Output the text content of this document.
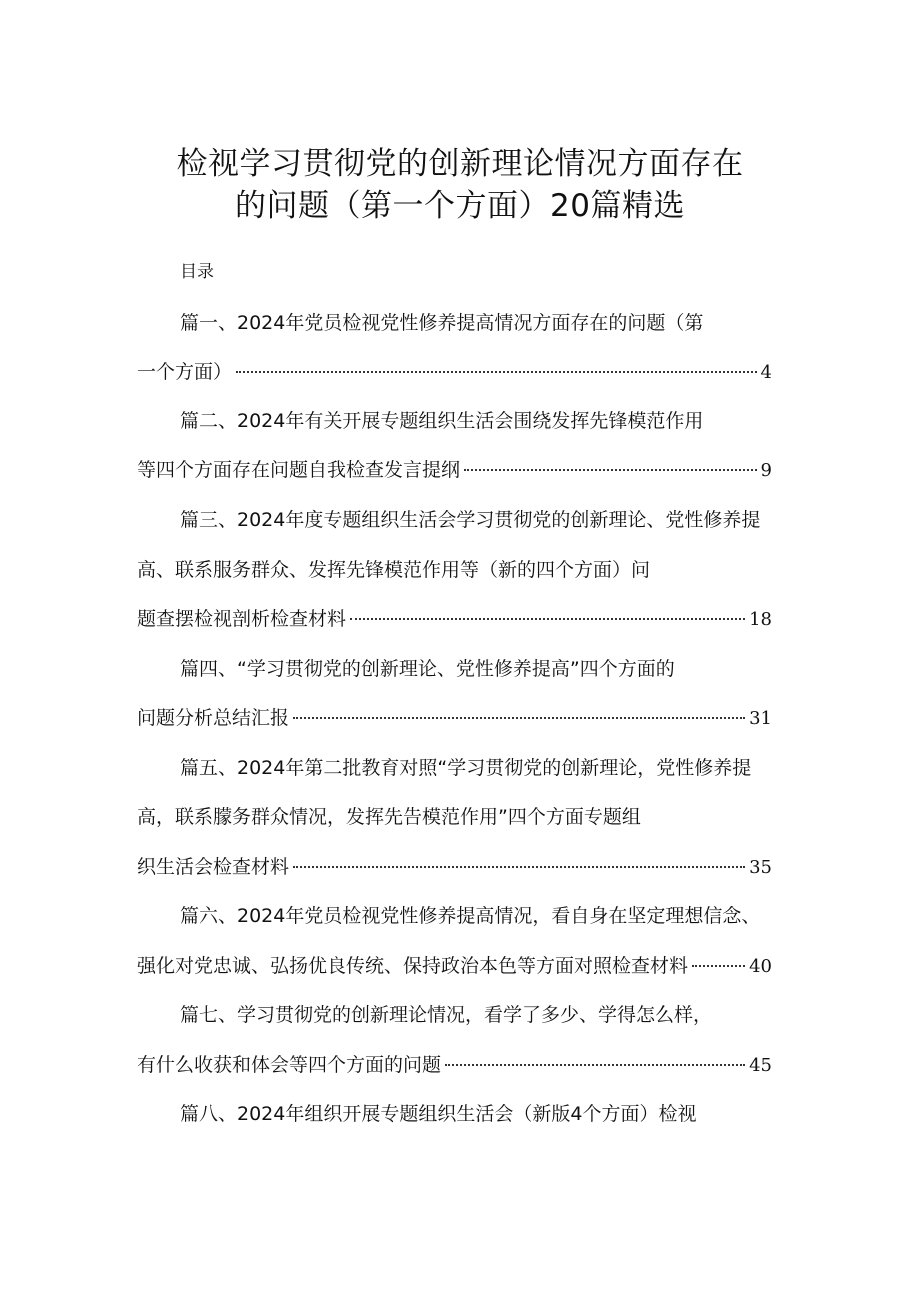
检视学习贯彻党的创新理论情况方面存在
的问题（第一个方面）20篇精选
目录
篇一、2024年党员检视党性修养提高情况方面存在的问题（第
一个方面）	4
篇二、2024年有关开展专题组织生活会围绕发挥先锋模范作用
等四个方面存在问题自我检查发言提纲	9
篇三、2024年度专题组织生活会学习贯彻党的创新理论、党性修养提
高、联系服务群众、发挥先锋模范作用等（新的四个方面）问
题查摆检视剖析检查材料	18
篇四、“学习贯彻党的创新理论、党性修养提高”四个方面的
问题分析总结汇报	31
篇五、2024年第二批教育对照“学习贯彻党的创新理论，党性修养提
高，联系朦务群众情况，发挥先告模范作用”四个方面专题组
织生活会检查材料	35
篇六、2024年党员检视党性修养提高情况，看自身在坚定理想信念、
强化对党忠诚、弘扬优良传统、保持政治本色等方面对照检查材料	40
篇七、学习贯彻党的创新理论情况，看学了多少、学得怎么样，
有什么收获和体会等四个方面的问题	45
篇八、2024年组织开展专题组织生活会（新版4个方面）检视
